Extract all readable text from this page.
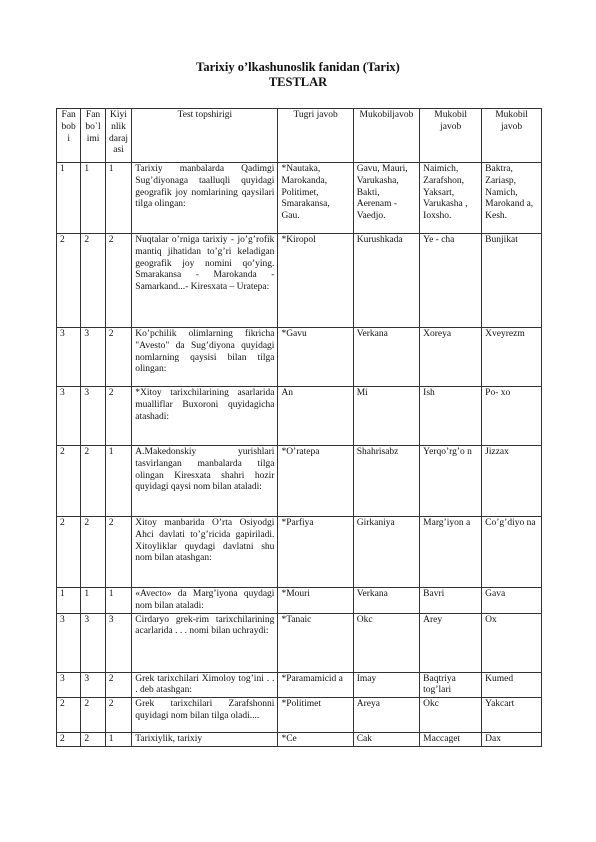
Tarixiy o’lkashunoslik fanidan (Tarix)
TESTLAR
Fan bob i	Fan bo`l imi	Kiyi nlik daraj asi	Test topshirigi	Tugri javob	Mukobiljavob	Mukobil javob	Mukobil javob
1	1	1	Tarixiy manbalarda Qadimgi Sug’diyonaga taalluqli quyidagi geografik joy nomlarining qaysilari tilga olingan:	*Nautaka, Marokanda, Politimet, Smarakansa, Gau.	Gavu, Mauri, Varukasha, Bakti, Aerenam - Vaedjo.	Naimich, Zarafshon, Yaksart, Varukasha , Ioxsho.	Baktra, Zariasp, Namich, Marokand a, Kesh.
2	2	2	Nuqtalar o’rniga tarixiy - jo’g’rofik mantiq jihatidan to’g’ri keladigan geografik joy nomini qo’ying. Smarakansa - Marokanda - Samarkand...- Kiresxata – Uratepa:	*Kiropol	Kurushkada	Ye - cha	Bunjikat
3	3	2	Ko’pchilik olimlarning fikricha "Avesto" da Sug’diyona quyidagi nomlarning qaysisi bilan tilga olingan:	*Gavu	Verkana	Xoreya	Xveyrezm
3	3	2	*Xitoy tarixchilarining asarlarida mualliflar Buxoroni quyidagicha atashadi:	An	Mi	Ish	Po- xo
2	2	1	A.Makedonskiy yurishlari tasvirlangan manbalarda tilga olingan Kiresxata shahri hozir quyidagi qaysi nom bilan ataladi:	*O’ratepa	Shahrisabz	Yerqo’rg’o n	Jizzax
2	2	2	Xitoy manbarida O’rta Osiyodgi Ahci davlati to’g’ricida gapiriladi. Xitoyliklar quydagi davlatni shu nom bilan atashgan:	*Parfiya	Girkaniya	Marg’iyon a	Co’g’diyo na
1	1	1	«Avecto» da Marg’iyona quydagi nom bilan ataladi:	*Mouri	Verkana	Bavri	Gava
3	3	3	Cirdaryo grek-rim tarixchilarining acarlarida . . . nomi bilan uchraydi:	*Tanaic	Okc	Arey	Ox
3	3	2	Grek tarixchilari Ximoloy tog’ini . . . deb atashgan:	*Paramamicid a	Imay	Baqtriya tog’lari	Kumed
2	2	2	Grek tarixchilari Zarafshonni quyidagi nom bilan tilga oladi....	*Politimet	Areya	Okc	Yakcart
2	2	1	Tarixiylik, tarixiy	*Ce	Cak	Maccaget	Dax
